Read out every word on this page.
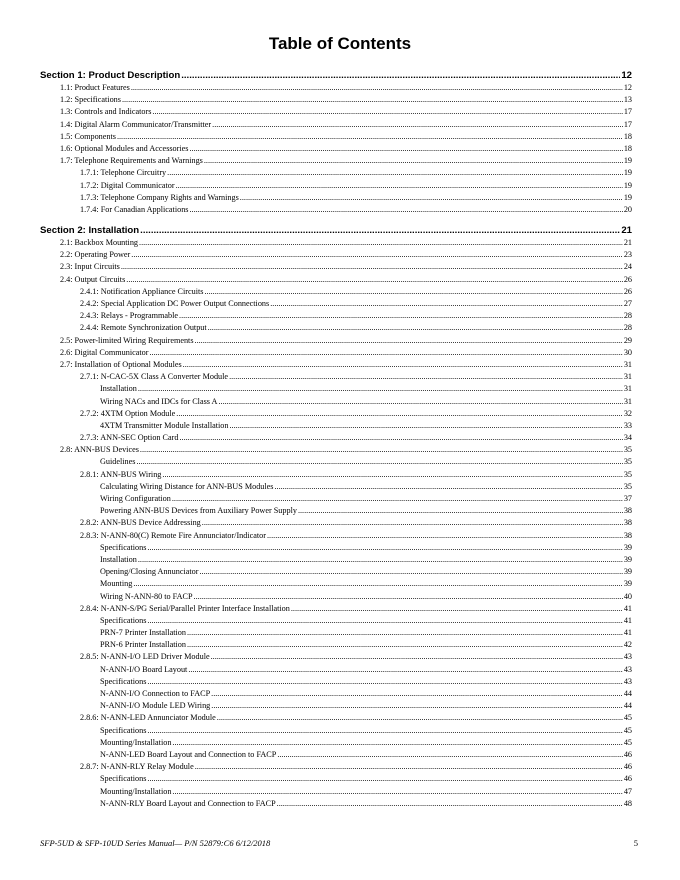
Table of Contents
Section 1: Product Description .....	12
1.1: Product Features .....	12
1.2: Specifications .....	13
1.3: Controls and Indicators .....	17
1.4: Digital Alarm Communicator/Transmitter .....	17
1.5: Components .....	18
1.6: Optional Modules and Accessories .....	18
1.7: Telephone Requirements and Warnings .....	19
1.7.1: Telephone Circuitry .....	19
1.7.2: Digital Communicator .....	19
1.7.3: Telephone Company Rights and Warnings .....	19
1.7.4: For Canadian Applications .....	20
Section 2: Installation .....	21
2.1: Backbox Mounting .....	21
2.2: Operating Power .....	23
2.3: Input Circuits .....	24
2.4: Output Circuits .....	26
2.4.1: Notification Appliance Circuits .....	26
2.4.2: Special Application DC Power Output Connections .....	27
2.4.3: Relays - Programmable .....	28
2.4.4: Remote Synchronization Output .....	28
2.5: Power-limited Wiring Requirements .....	29
2.6: Digital Communicator .....	30
2.7: Installation of Optional Modules .....	31
2.7.1: N-CAC-5X Class A Converter Module .....	31
Installation .....	31
Wiring NACs and IDCs for Class A .....	31
2.7.2: 4XTM Option Module .....	32
4XTM Transmitter Module Installation .....	33
2.7.3: ANN-SEC Option Card .....	34
2.8: ANN-BUS Devices .....	35
Guidelines .....	35
2.8.1: ANN-BUS Wiring .....	35
Calculating Wiring Distance for ANN-BUS Modules .....	35
Wiring Configuration .....	37
Powering ANN-BUS Devices from Auxiliary Power Supply .....	38
2.8.2: ANN-BUS Device Addressing .....	38
2.8.3: N-ANN-80(C) Remote Fire Annunciator/Indicator .....	38
Specifications .....	39
Installation .....	39
Opening/Closing Annunciator .....	39
Mounting .....	39
Wiring N-ANN-80 to FACP .....	40
2.8.4: N-ANN-S/PG Serial/Parallel Printer Interface Installation .....	41
Specifications .....	41
PRN-7 Printer Installation .....	41
PRN-6 Printer Installation .....	42
2.8.5: N-ANN-I/O LED Driver Module .....	43
N-ANN-I/O Board Layout .....	43
Specifications .....	43
N-ANN-I/O Connection to FACP .....	44
N-ANN-I/O Module LED Wiring .....	44
2.8.6: N-ANN-LED Annunciator Module .....	45
Specifications .....	45
Mounting/Installation .....	45
N-ANN-LED Board Layout and Connection to FACP .....	46
2.8.7: N-ANN-RLY Relay Module .....	46
Specifications .....	46
Mounting/Installation .....	47
N-ANN-RLY Board Layout and Connection to FACP .....	48
SFP-5UD & SFP-10UD Series Manual— P/N 52879:C6 6/12/2018	5
